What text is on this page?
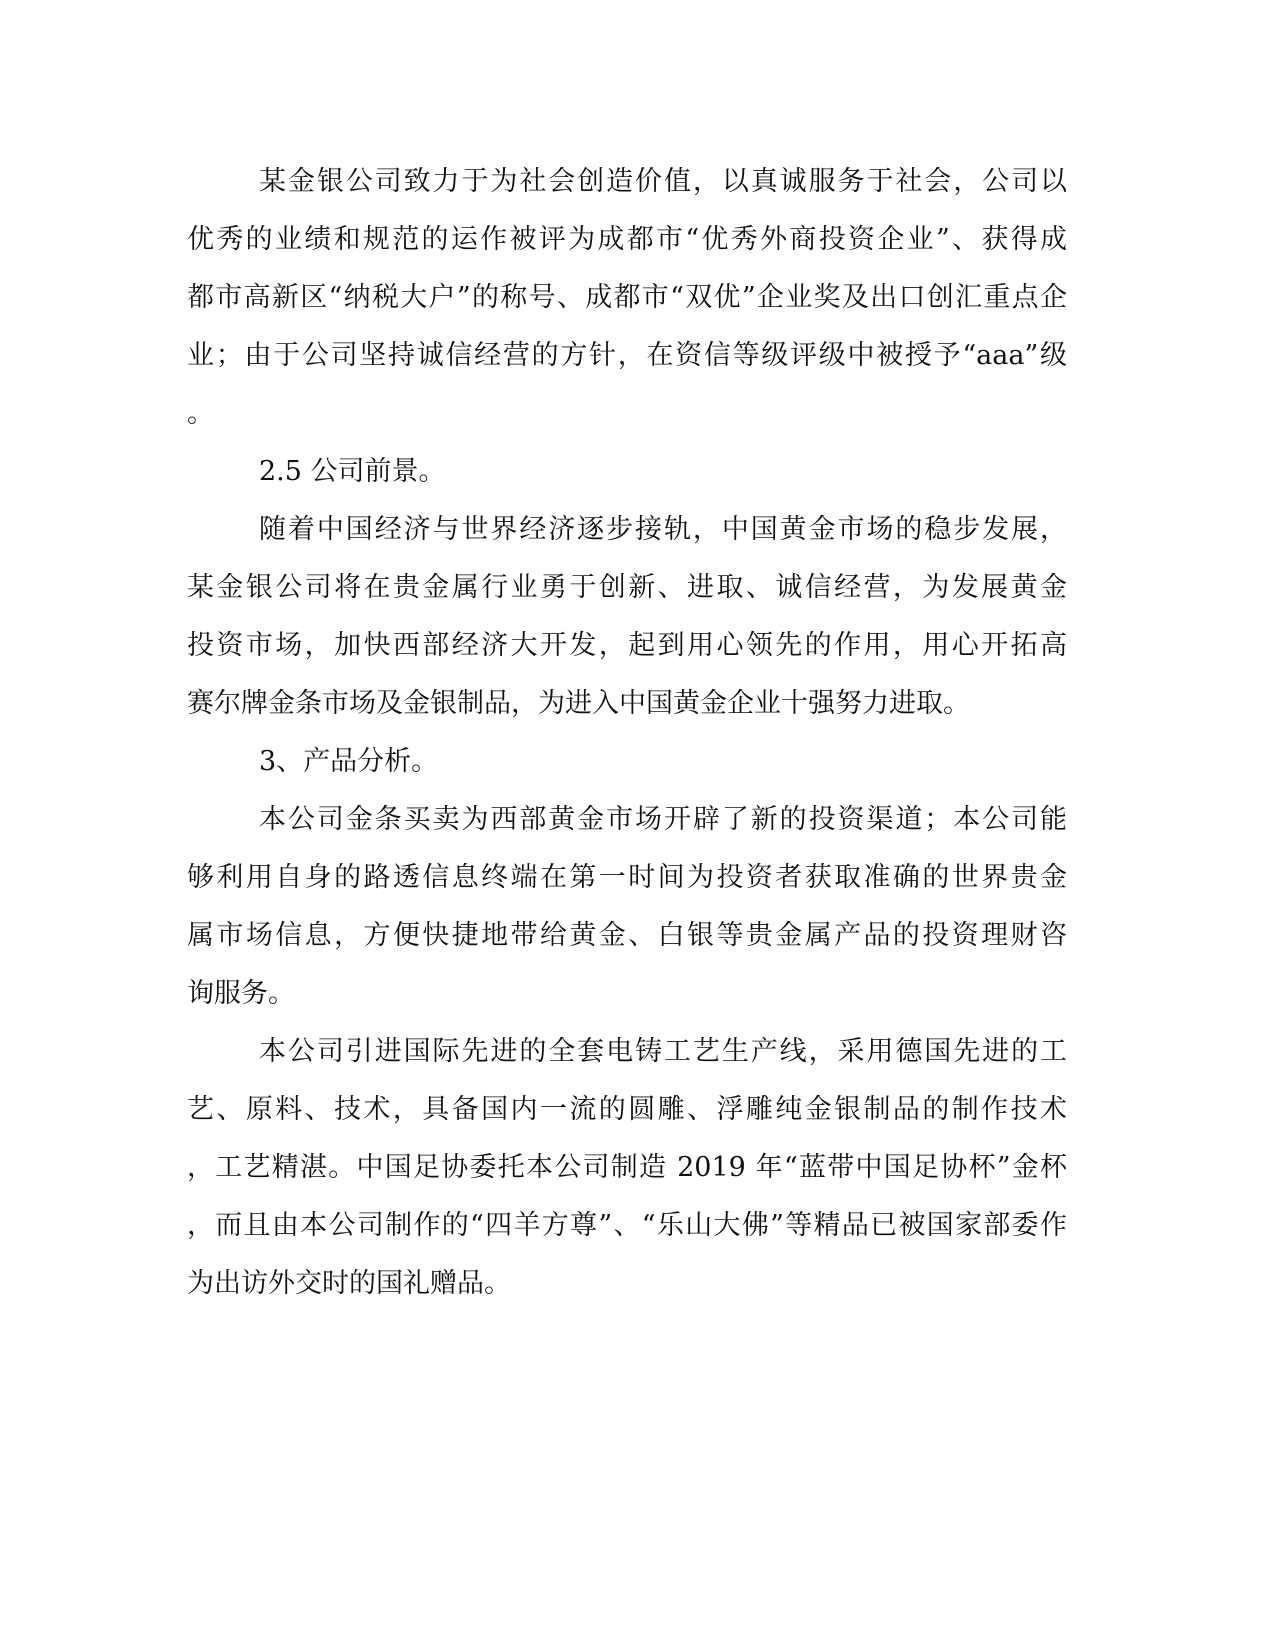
某金银公司致力于为社会创造价值，以真诚服务于社会，公司以

优秀的业绩和规范的运作被评为成都市“优秀外商投资企业”、获得成

都市高新区“纳税大户”的称号、成都市“双优”企业奖及出口创汇重点企

业；由于公司坚持诚信经营的方针，在资信等级评级中被授予“aaa”级

。

2.5 公司前景。

随着中国经济与世界经济逐步接轨，中国黄金市场的稳步发展，

某金银公司将在贵金属行业勇于创新、进取、诚信经营，为发展黄金

投资市场，加快西部经济大开发，起到用心领先的作用，用心开拓高

赛尔牌金条市场及金银制品，为进入中国黄金企业十强努力进取。

3、产品分析。

本公司金条买卖为西部黄金市场开辟了新的投资渠道；本公司能

够利用自身的路透信息终端在第一时间为投资者获取准确的世界贵金

属市场信息，方便快捷地带给黄金、白银等贵金属产品的投资理财咨

询服务。

本公司引进国际先进的全套电铸工艺生产线，采用德国先进的工

艺、原料、技术，具备国内一流的圆雕、浮雕纯金银制品的制作技术

，工艺精湛。中国足协委托本公司制造 2019 年“蓝带中国足协杯”金杯

，而且由本公司制作的“四羊方尊”、“乐山大佛”等精品已被国家部委作

为出访外交时的国礼赠品。
